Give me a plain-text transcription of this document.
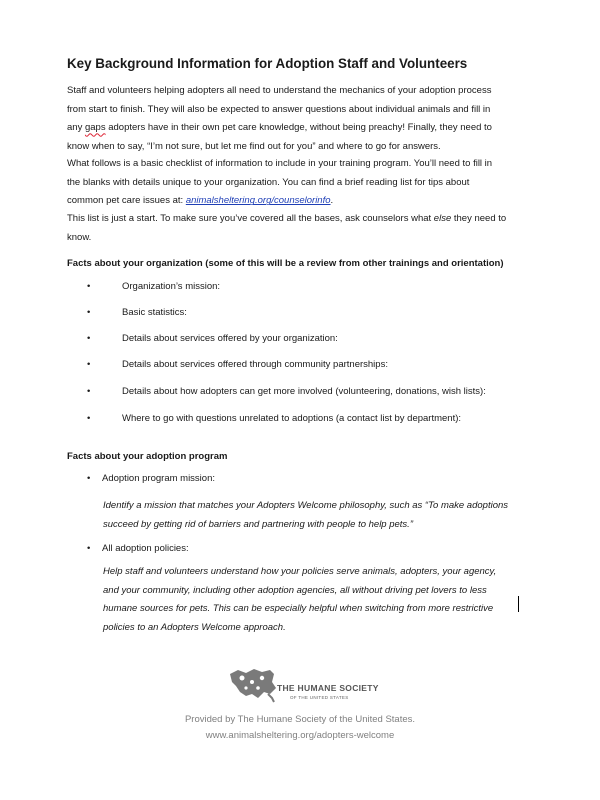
Key Background Information for Adoption Staff and Volunteers

Staff and volunteers helping adopters all need to understand the mechanics of your adoption process
from start to finish. They will also be expected to answer questions about individual animals and fill in
any gaps adopters have in their own pet care knowledge, without being preachy! Finally, they need to
know when to say, “I’m not sure, but let me find out for you” and where to go for answers.

What follows is a basic checklist of information to include in your training program. You’ll need to fill in
the blanks with details unique to your organization. You can find a brief reading list for tips about
common pet care issues at: animalsheltering.org/counselorinfo.

This list is just a start. To make sure you’ve covered all the bases, ask counselors what else they need to
know.

Facts about your organization (some of this will be a review from other trainings and orientation)
•	Organization’s mission:
•	Basic statistics:
•	Details about services offered by your organization:
•	Details about services offered through community partnerships:
•	Details about how adopters can get more involved (volunteering, donations, wish lists):
•	Where to go with questions unrelated to adoptions (a contact list by department):
Facts about your adoption program
• Adoption program mission:

Identify a mission that matches your Adopters Welcome philosophy, such as “To make adoptions
succeed by getting rid of barriers and partnering with people to help pets.”

• All adoption policies:

Help staff and volunteers understand how your policies serve animals, adopters, your agency,
and your community, including other adoption agencies, all without driving pet lovers to less
humane sources for pets. This can be especially helpful when switching from more restrictive
policies to an Adopters Welcome approach.

THE HUMANE SOCIETY
OF THE UNITED STATES
Provided by The Humane Society of the United States.
www.animalsheltering.org/adopters-welcome
